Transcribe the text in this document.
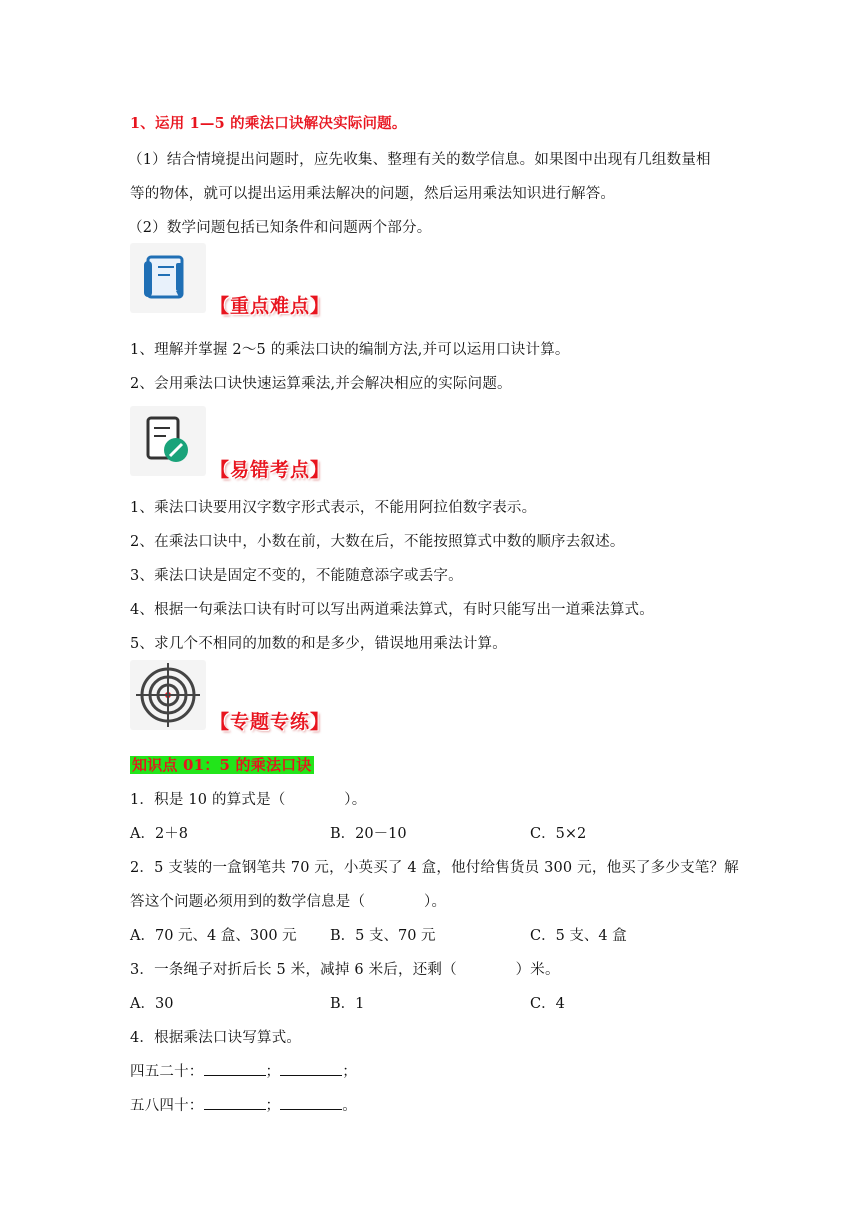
1、运用 1—5 的乘法口诀解决实际问题。
（1）结合情境提出问题时，应先收集、整理有关的数学信息。如果图中出现有几组数量相
等的物体，就可以提出运用乘法解决的问题，然后运用乘法知识进行解答。
（2）数学问题包括已知条件和问题两个部分。
【重点难点】
1、理解并掌握 2～5 的乘法口诀的编制方法,并可以运用口诀计算。
2、会用乘法口诀快速运算乘法,并会解决相应的实际问题。
【易错考点】
1、乘法口诀要用汉字数字形式表示，不能用阿拉伯数字表示。
2、在乘法口诀中，小数在前，大数在后，不能按照算式中数的顺序去叙述。
3、乘法口诀是固定不变的，不能随意添字或丢字。
4、根据一句乘法口诀有时可以写出两道乘法算式，有时只能写出一道乘法算式。
5、求几个不相同的加数的和是多少，错误地用乘法计算。
【专题专练】
知识点 01：5 的乘法口诀
1．积是 10 的算式是（　　　　）。
A．2＋8	B．20－10	C．5×2
2．5 支装的一盒钢笔共 70 元，小英买了 4 盒，他付给售货员 300 元，他买了多少支笔？解
答这个问题必须用到的数学信息是（　　　　）。
A．70 元、4 盒、300 元 B．5 支、70 元	C．5 支、4 盒
3．一条绳子对折后长 5 米，减掉 6 米后，还剩（　　　　）米。
A．30	B．1	C．4
4．根据乘法口诀写算式。
四五二十：	；	；
五八四十：	；	。
